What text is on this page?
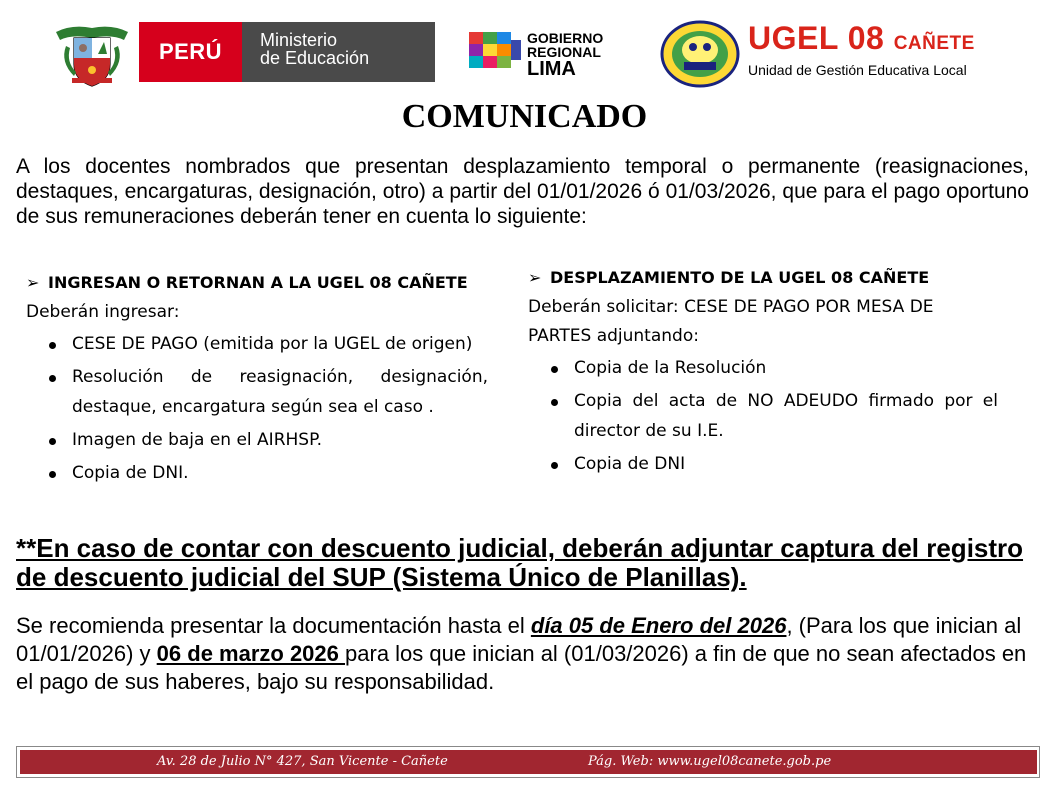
PERÚ	Ministerio
de Educación
GOBIERNO
REGIONAL
LIMA
UGEL 08 CAÑETE
Unidad de Gestión Educativa Local
COMUNICADO
A los docentes nombrados que presentan desplazamiento temporal o permanente (reasignaciones, destaques, encargaturas, designación, otro) a partir del 01/01/2026 ó 01/03/2026, que para el pago oportuno de sus remuneraciones deberán tener en cuenta lo siguiente:
➢ INGRESAN O RETORNAN A LA UGEL 08 CAÑETE
Deberán ingresar:
CESE DE PAGO (emitida por la UGEL de origen)
Resolución de reasignación, designación, destaque, encargatura según sea el caso .
Imagen de baja en el AIRHSP.
Copia de DNI.
➢ DESPLAZAMIENTO DE LA UGEL 08 CAÑETE
Deberán solicitar: CESE DE PAGO POR MESA DE PARTES adjuntando:
Copia de la Resolución
Copia del acta de NO ADEUDO firmado por el director de su I.E.
Copia de DNI
**En caso de contar con descuento judicial, deberán adjuntar captura del registro de descuento judicial del SUP (Sistema Único de Planillas).
Se recomienda presentar la documentación hasta el día 05 de Enero del 2026, (Para los que inician al 01/01/2026) y 06 de marzo 2026 para los que inician al (01/03/2026) a fin de que no sean afectados en el pago de sus haberes, bajo su responsabilidad.
Av. 28 de Julio N° 427, San Vicente - Cañete	Pág. Web: www.ugel08canete.gob.pe
